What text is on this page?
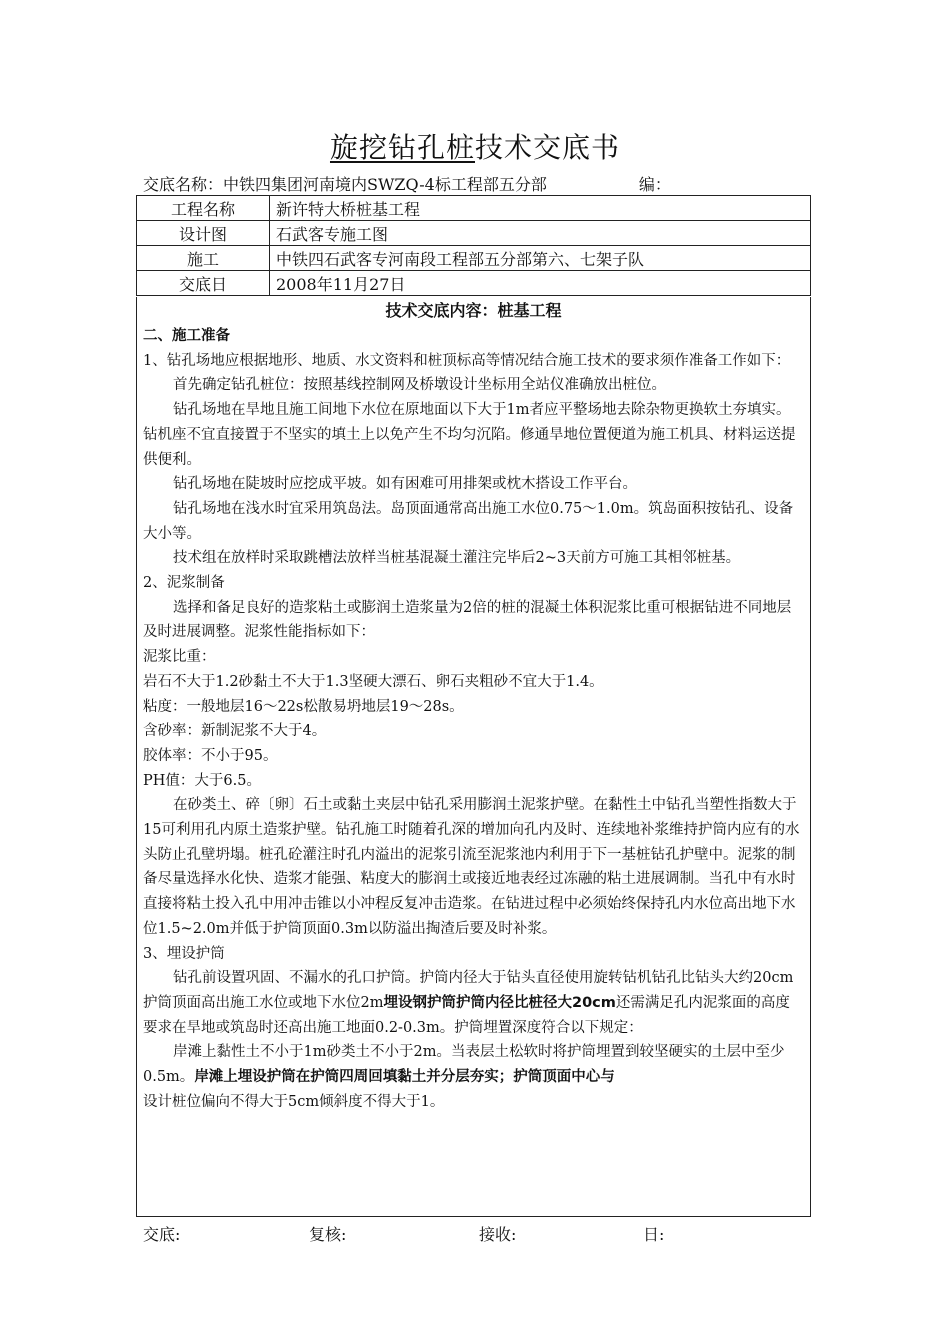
旋挖钻孔桩技术交底书
交底名称：中铁四集团河南境内SWZQ-4标工程部五分部	编：
工程名称	新许特大桥桩基工程
设计图	石武客专施工图
施工	中铁四石武客专河南段工程部五分部第六、七架子队
交底日	2008年11月27日
技术交底内容：桩基工程

二、施工准备

1、钻孔场地应根据地形、地质、水文资料和桩顶标高等情况结合施工技术的要求须作准备工作如下：

首先确定钻孔桩位：按照基线控制网及桥墩设计坐标用全站仪准确放出桩位。

钻孔场地在旱地且施工间地下水位在原地面以下大于1m者应平整场地去除杂物更换软土夯填实。钻机座不宜直接置于不坚实的填土上以免产生不均匀沉陷。修通旱地位置便道为施工机具、材料运送提供便利。

钻孔场地在陡坡时应挖成平坡。如有困难可用排架或枕木搭设工作平台。

钻孔场地在浅水时宜采用筑岛法。岛顶面通常高出施工水位0.75～1.0m。筑岛面积按钻孔、设备大小等。

技术组在放样时采取跳槽法放样当桩基混凝土灌注完毕后2~3天前方可施工其相邻桩基。

2、泥浆制备

选择和备足良好的造浆粘土或膨润土造浆量为2倍的桩的混凝土体积泥浆比重可根据钻进不同地层及时进展调整。泥浆性能指标如下：

泥浆比重：

岩石不大于1.2砂黏土不大于1.3坚硬大漂石、卵石夹粗砂不宜大于1.4。

粘度：一般地层16～22s松散易坍地层19～28s。

含砂率：新制泥浆不大于4。

胶体率：不小于95。

PH值：大于6.5。

在砂类土、碎〔卵〕石土或黏土夹层中钻孔采用膨润土泥浆护壁。在黏性土中钻孔当塑性指数大于15可利用孔内原土造浆护壁。钻孔施工时随着孔深的增加向孔内及时、连续地补浆维持护筒内应有的水头防止孔壁坍塌。桩孔砼灌注时孔内溢出的泥浆引流至泥浆池内利用于下一基桩钻孔护壁中。泥浆的制备尽量选择水化快、造浆才能强、粘度大的膨润土或接近地表经过冻融的粘土进展调制。当孔中有水时直接将粘土投入孔中用冲击锥以小冲程反复冲击造浆。在钻进过程中必须始终保持孔内水位高出地下水位1.5~2.0m并低于护筒顶面0.3m以防溢出掏渣后要及时补浆。

3、埋设护筒

钻孔前设置巩固、不漏水的孔口护筒。护筒内径大于钻头直径使用旋转钻机钻孔比钻头大约20cm护筒顶面高出施工水位或地下水位2m埋设钢护筒护筒内径比桩径大20cm还需满足孔内泥浆面的高度要求在旱地或筑岛时还高出施工地面0.2-0.3m。护筒埋置深度符合以下规定：

岸滩上黏性土不小于1m砂类土不小于2m。当表层土松软时将护筒埋置到较坚硬实的土层中至少0.5m。岸滩上埋设护筒在护筒四周回填黏土并分层夯实；护筒顶面中心与

设计桩位偏向不得大于5cm倾斜度不得大于1。

交底:	复核:	接收:	日:
